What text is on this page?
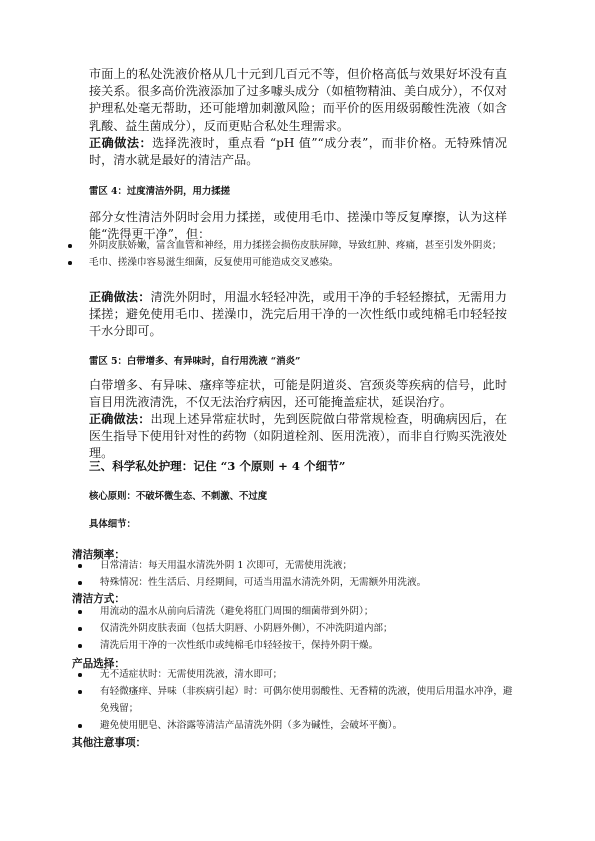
市面上的私处洗液价格从几十元到几百元不等，但价格高低与效果好坏没有直接关系。很多高价洗液添加了过多噱头成分（如植物精油、美白成分），不仅对护理私处毫无帮助，还可能增加刺激风险；而平价的医用级弱酸性洗液（如含乳酸、益生菌成分），反而更贴合私处生理需求。

正确做法：选择洗液时，重点看 “pH 值”“成分表”，而非价格。无特殊情况时，清水就是最好的清洁产品。

雷区 4：过度清洁外阴，用力揉搓

部分女性清洁外阴时会用力揉搓，或使用毛巾、搓澡巾等反复摩擦，认为这样能“洗得更干净”，但：

外阴皮肤娇嫩，富含血管和神经，用力揉搓会损伤皮肤屏障，导致红肿、疼痛，甚至引发外阴炎；
毛巾、搓澡巾容易滋生细菌，反复使用可能造成交叉感染。

正确做法：清洗外阴时，用温水轻轻冲洗，或用干净的手轻轻擦拭，无需用力揉搓；避免使用毛巾、搓澡巾，洗完后用干净的一次性纸巾或纯棉毛巾轻轻按干水分即可。

雷区 5：白带增多、有异味时，自行用洗液 “消炎”

白带增多、有异味、瘙痒等症状，可能是阴道炎、宫颈炎等疾病的信号，此时盲目用洗液清洗，不仅无法治疗病因，还可能掩盖症状，延误治疗。

正确做法：出现上述异常症状时，先到医院做白带常规检查，明确病因后，在医生指导下使用针对性的药物（如阴道栓剂、医用洗液），而非自行购买洗液处理。

三、科学私处护理：记住 “3 个原则 + 4 个细节”

核心原则：不破坏微生态、不刺激、不过度

具体细节：

清洁频率：

日常清洁：每天用温水清洗外阴 1 次即可，无需使用洗液；
特殊情况：性生活后、月经期间，可适当用温水清洗外阴，无需额外用洗液。

清洁方式：

用流动的温水从前向后清洗（避免将肛门周围的细菌带到外阴）；
仅清洗外阴皮肤表面（包括大阴唇、小阴唇外侧），不冲洗阴道内部；
清洗后用干净的一次性纸巾或纯棉毛巾轻轻按干，保持外阴干燥。

产品选择：

无不适症状时：无需使用洗液，清水即可；
有轻微瘙痒、异味（非疾病引起）时：可偶尔使用弱酸性、无香精的洗液，使用后用温水冲净，避免残留；
避免使用肥皂、沐浴露等清洁产品清洗外阴（多为碱性，会破坏平衡）。

其他注意事项：
